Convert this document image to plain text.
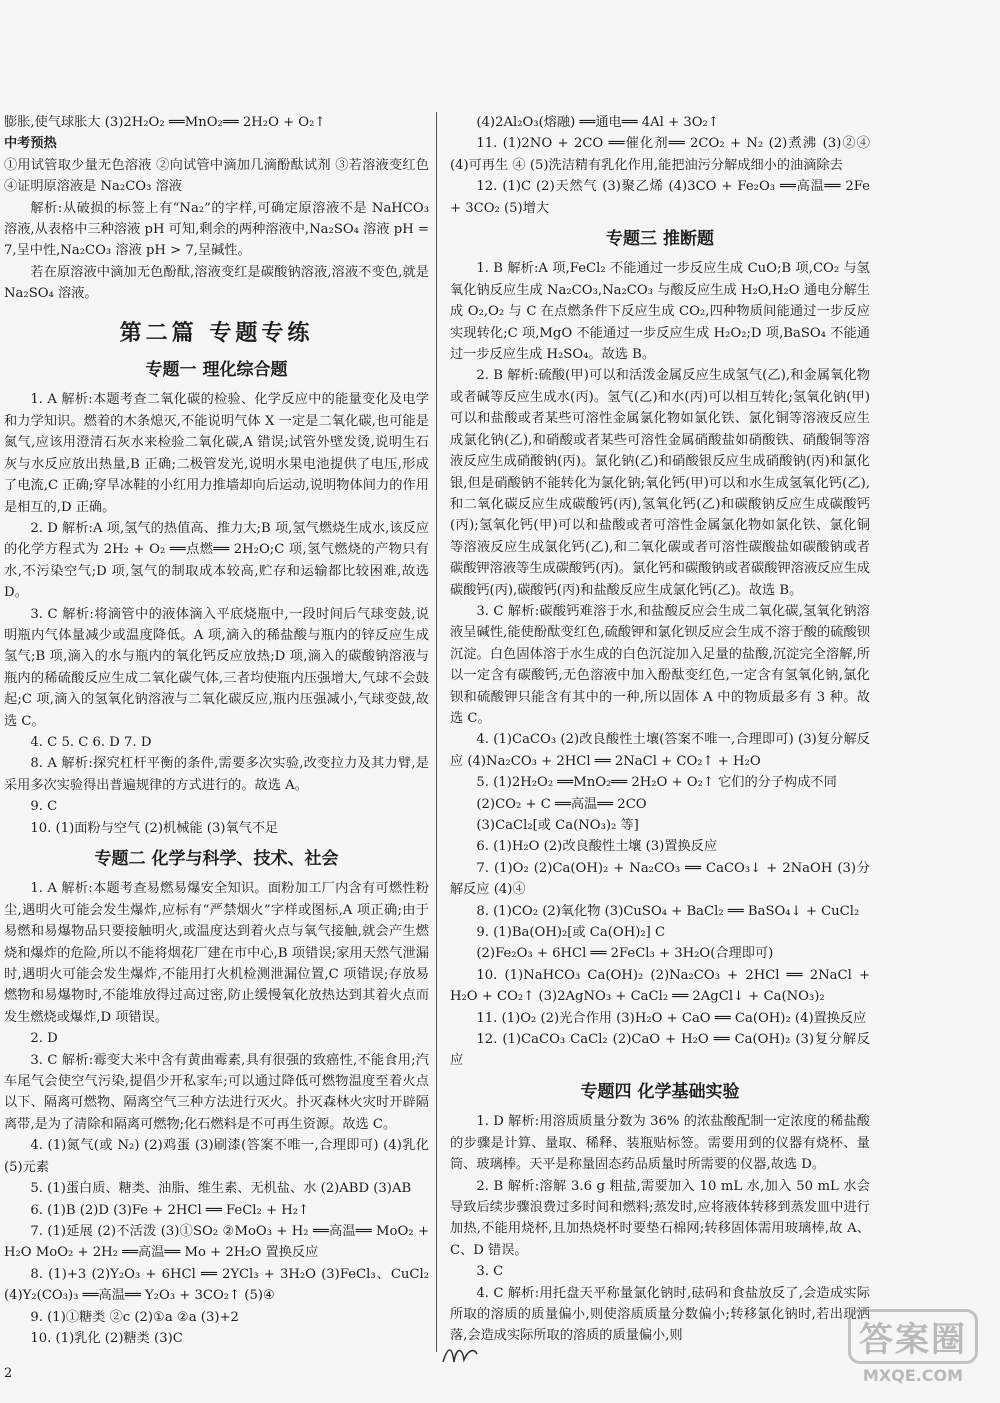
膨胀,使气球胀大 (3)2H₂O₂ ══MnO₂══ 2H₂O + O₂↑

中考预热

①用试管取少量无色溶液 ②向试管中滴加几滴酚酞试剂 ③若溶液变红色 ④证明原溶液是 Na₂CO₃ 溶液

解析:从破损的标签上有“Na₂”的字样,可确定原溶液不是 NaHCO₃ 溶液,从表格中三种溶液 pH 可知,剩余的两种溶液中,Na₂SO₄ 溶液 pH = 7,呈中性,Na₂CO₃ 溶液 pH > 7,呈碱性。

若在原溶液中滴加无色酚酞,溶液变红是碳酸钠溶液,溶液不变色,就是 Na₂SO₄ 溶液。

第二篇 专题专练
专题一 理化综合题

1. A 解析:本题考查二氧化碳的检验、化学反应中的能量变化及电学和力学知识。燃着的木条熄灭,不能说明气体 X 一定是二氧化碳,也可能是氮气,应该用澄清石灰水来检验二氧化碳,A 错误;试管外壁发烫,说明生石灰与水反应放出热量,B 正确;二极管发光,说明水果电池提供了电压,形成了电流,C 正确;穿旱冰鞋的小红用力推墙却向后运动,说明物体间力的作用是相互的,D 正确。

2. D 解析:A 项,氢气的热值高、推力大;B 项,氢气燃烧生成水,该反应的化学方程式为 2H₂ + O₂ ══点燃══ 2H₂O;C 项,氢气燃烧的产物只有水,不污染空气;D 项,氢气的制取成本较高,贮存和运输都比较困难,故选 D。

3. C 解析:将滴管中的液体滴入平底烧瓶中,一段时间后气球变鼓,说明瓶内气体量减少或温度降低。A 项,滴入的稀盐酸与瓶内的锌反应生成氢气;B 项,滴入的水与瓶内的氧化钙反应放热;D 项,滴入的碳酸钠溶液与瓶内的稀硫酸反应生成二氧化碳气体,三者均使瓶内压强增大,气球不会鼓起;C 项,滴入的氢氧化钠溶液与二氧化碳反应,瓶内压强减小,气球变鼓,故选 C。

4. C 5. C 6. D 7. D

8. A 解析:探究杠杆平衡的条件,需要多次实验,改变拉力及其力臂,是采用多次实验得出普遍规律的方式进行的。故选 A。

9. C

10. (1)面粉与空气 (2)机械能 (3)氧气不足

专题二 化学与科学、技术、社会

1. A 解析:本题考查易燃易爆安全知识。面粉加工厂内含有可燃性粉尘,遇明火可能会发生爆炸,应标有“严禁烟火”字样或图标,A 项正确;由于易燃和易爆物品只要接触明火,或温度达到着火点与氧气接触,就会产生燃烧和爆炸的危险,所以不能将烟花厂建在市中心,B 项错误;家用天然气泄漏时,遇明火可能会发生爆炸,不能用打火机检测泄漏位置,C 项错误;存放易燃物和易爆物时,不能堆放得过高过密,防止缓慢氧化放热达到其着火点而发生燃烧或爆炸,D 项错误。

2. D

3. C 解析:霉变大米中含有黄曲霉素,具有很强的致癌性,不能食用;汽车尾气会使空气污染,提倡少开私家车;可以通过降低可燃物温度至着火点以下、隔离可燃物、隔离空气三种方法进行灭火。扑灭森林火灾时开辟隔离带,是为了清除和隔离可燃物;化石燃料是不可再生资源。故选 C。

4. (1)氮气(或 N₂) (2)鸡蛋 (3)刷漆(答案不唯一,合理即可) (4)乳化 (5)元素

5. (1)蛋白质、糖类、油脂、维生素、无机盐、水 (2)ABD (3)AB

6. (1)B (2)D (3)Fe + 2HCl ══ FeCl₂ + H₂↑

7. (1)延展 (2)不活泼 (3)①SO₂ ②MoO₃ + H₂ ══高温══ MoO₂ + H₂O MoO₂ + 2H₂ ══高温══ Mo + 2H₂O 置换反应

8. (1)+3 (2)Y₂O₃ + 6HCl ══ 2YCl₃ + 3H₂O (3)FeCl₃、CuCl₂ (4)Y₂(CO₃)₃ ══高温══ Y₂O₃ + 3CO₂↑ (5)④

9. (1)①糖类 ②c (2)①a ②a (3)+2

10. (1)乳化 (2)糖类 (3)C

(4)2Al₂O₃(熔融) ══通电══ 4Al + 3O₂↑

11. (1)2NO + 2CO ══催化剂══ 2CO₂ + N₂ (2)煮沸 (3)②④ (4)可再生 ④ (5)洗洁精有乳化作用,能把油污分解成细小的油滴除去

12. (1)C (2)天然气 (3)聚乙烯 (4)3CO + Fe₂O₃ ══高温══ 2Fe + 3CO₂ (5)增大

专题三 推断题

1. B 解析:A 项,FeCl₂ 不能通过一步反应生成 CuO;B 项,CO₂ 与氢氧化钠反应生成 Na₂CO₃,Na₂CO₃ 与酸反应生成 H₂O,H₂O 通电分解生成 O₂,O₂ 与 C 在点燃条件下反应生成 CO₂,四种物质间能通过一步反应实现转化;C 项,MgO 不能通过一步反应生成 H₂O₂;D 项,BaSO₄ 不能通过一步反应生成 H₂SO₄。故选 B。

2. B 解析:硫酸(甲)可以和活泼金属反应生成氢气(乙),和金属氧化物或者碱等反应生成水(丙)。氢气(乙)和水(丙)可以相互转化;氢氧化钠(甲)可以和盐酸或者某些可溶性金属氯化物如氯化铁、氯化铜等溶液反应生成氯化钠(乙),和硝酸或者某些可溶性金属硝酸盐如硝酸铁、硝酸铜等溶液反应生成硝酸钠(丙)。氯化钠(乙)和硝酸银反应生成硝酸钠(丙)和氯化银,但是硝酸钠不能转化为氯化钠;氧化钙(甲)可以和水生成氢氧化钙(乙),和二氧化碳反应生成碳酸钙(丙),氢氧化钙(乙)和碳酸钠反应生成碳酸钙(丙);氢氧化钙(甲)可以和盐酸或者可溶性金属氯化物如氯化铁、氯化铜等溶液反应生成氯化钙(乙),和二氧化碳或者可溶性碳酸盐如碳酸钠或者碳酸钾溶液等生成碳酸钙(丙)。氯化钙和碳酸钠或者碳酸钾溶液反应生成碳酸钙(丙),碳酸钙(丙)和盐酸反应生成氯化钙(乙)。故选 B。

3. C 解析:碳酸钙难溶于水,和盐酸反应会生成二氧化碳,氢氧化钠溶液呈碱性,能使酚酞变红色,硫酸钾和氯化钡反应会生成不溶于酸的硫酸钡沉淀。白色固体溶于水生成的白色沉淀加入足量的盐酸,沉淀完全溶解,所以一定含有碳酸钙,无色溶液中加入酚酞变红色,一定含有氢氧化钠,氯化钡和硫酸钾只能含有其中的一种,所以固体 A 中的物质最多有 3 种。故选 C。

4. (1)CaCO₃ (2)改良酸性土壤(答案不唯一,合理即可) (3)复分解反应 (4)Na₂CO₃ + 2HCl ══ 2NaCl + CO₂↑ + H₂O

5. (1)2H₂O₂ ══MnO₂══ 2H₂O + O₂↑ 它们的分子构成不同

(2)CO₂ + C ══高温══ 2CO

(3)CaCl₂[或 Ca(NO₃)₂ 等]

6. (1)H₂O (2)改良酸性土壤 (3)置换反应

7. (1)O₂ (2)Ca(OH)₂ + Na₂CO₃ ══ CaCO₃↓ + 2NaOH (3)分解反应 (4)④

8. (1)CO₂ (2)氧化物 (3)CuSO₄ + BaCl₂ ══ BaSO₄↓ + CuCl₂

9. (1)Ba(OH)₂[或 Ca(OH)₂] C

(2)Fe₂O₃ + 6HCl ══ 2FeCl₃ + 3H₂O(合理即可)

10. (1)NaHCO₃ Ca(OH)₂ (2)Na₂CO₃ + 2HCl ══ 2NaCl + H₂O + CO₂↑ (3)2AgNO₃ + CaCl₂ ══ 2AgCl↓ + Ca(NO₃)₂

11. (1)O₂ (2)光合作用 (3)H₂O + CaO ══ Ca(OH)₂ (4)置换反应

12. (1)CaCO₃ CaCl₂ (2)CaO + H₂O ══ Ca(OH)₂ (3)复分解反应

专题四 化学基础实验

1. D 解析:用溶质质量分数为 36% 的浓盐酸配制一定浓度的稀盐酸的步骤是计算、量取、稀释、装瓶贴标签。需要用到的仪器有烧杯、量筒、玻璃棒。天平是称量固态药品质量时所需要的仪器,故选 D。

2. B 解析:溶解 3.6 g 粗盐,需要加入 10 mL 水,加入 50 mL 水会导致后续步骤浪费过多时间和燃料;蒸发时,应将液体转移到蒸发皿中进行加热,不能用烧杯,且加热烧杯时要垫石棉网;转移固体需用玻璃棒,故 A、C、D 错误。

3. C

4. C 解析:用托盘天平称量氯化钠时,砝码和食盐放反了,会造成实际所取的溶质的质量偏小,则使溶质质量分数偏小;转移氯化钠时,若出现洒落,会造成实际所取的溶质的质量偏小,则

2
答案圈
MXQE.COM
